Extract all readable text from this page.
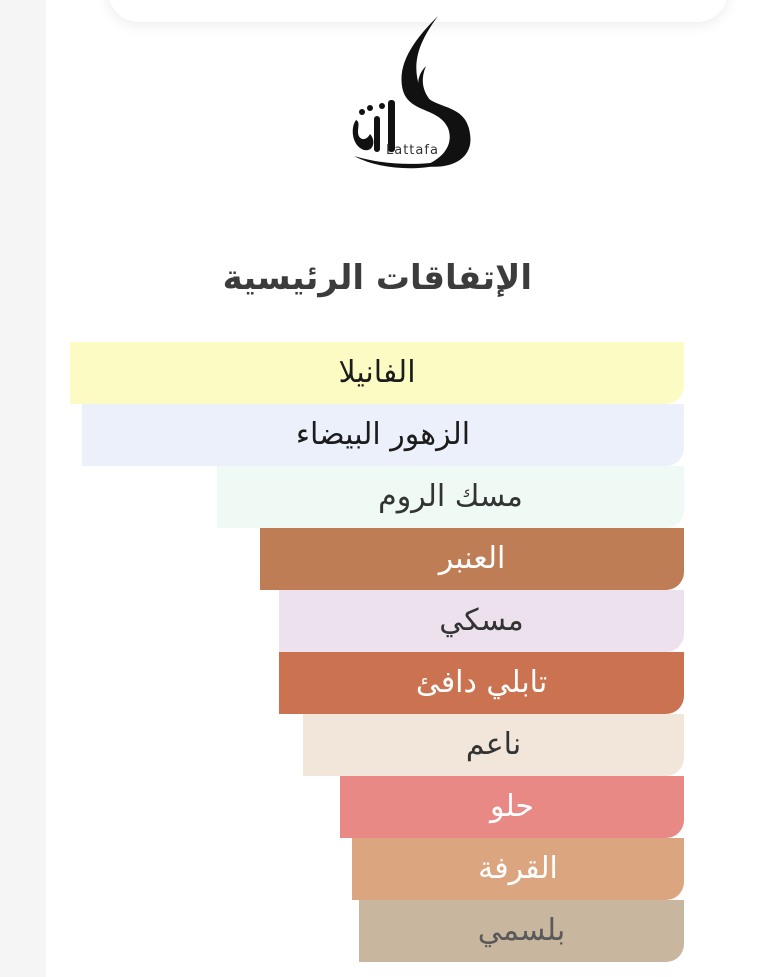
Lattafa
الإتفاقات الرئيسية
الفانيلا
الزهور البيضاء
مسك الروم
العنبر
مسكي
تابلي دافئ
ناعم
حلو
القرفة
بلسمي
